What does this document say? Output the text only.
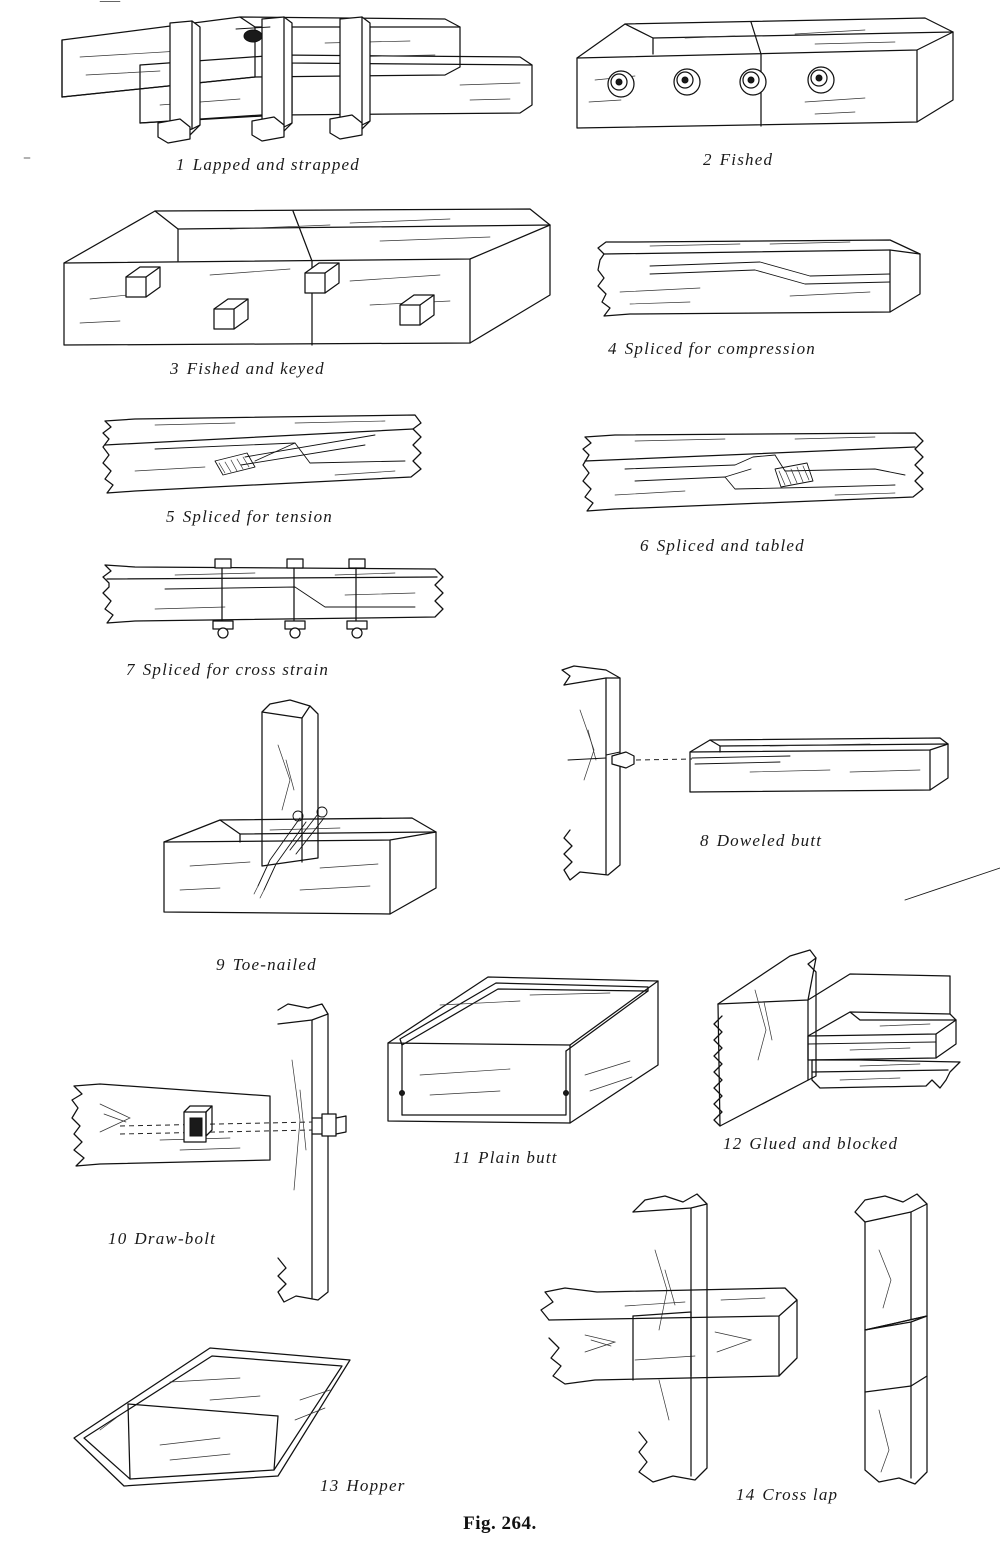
1 Lapped and strapped	2 Fished
3 Fished and keyed
4 Spliced for compression
5 Spliced for tension
6 Spliced and tabled
7 Spliced for cross strain
8 Doweled butt
9 Toe-nailed
10 Draw-bolt
11 Plain butt
12 Glued and blocked
13 Hopper	14 Cross lap
Fig. 264.
